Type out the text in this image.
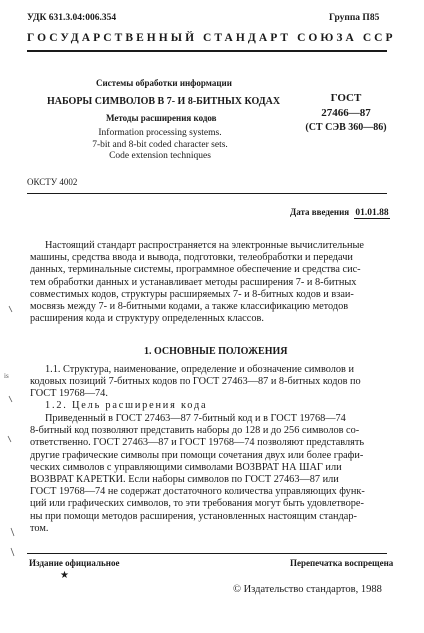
УДК 631.3.04:006.354	Группа П85
ГОСУДАРСТВЕННЫЙ СТАНДАРТ СОЮЗА ССР
Системы обработки информации
НАБОРЫ СИМВОЛОВ В 7- И 8-БИТНЫХ КОДАХ
Методы расширения кодов
Information processing systems.
7-bit and 8-bit coded character sets.
Code extension techniques
ГОСТ
27466—87
(СТ СЭВ 360—86)
ОКСТУ 4002
Дата введения 01.01.88
Настоящий стандарт распространяется на электронные вычислительные
машины, средства ввода и вывода, подготовки, телеобработки и передачи
данных, терминальные системы, программное обеспечение и средства сис-
тем обработки данных и устанавливает методы расширения 7- и 8-битных
совместимых кодов, структуры расширяемых 7- и 8-битных кодов и взаи-
мосвязь между 7- и 8-битными кодами, а также классификацию методов
расширения кода и структуру определенных классов.
1. ОСНОВНЫЕ ПОЛОЖЕНИЯ
1.1. Структура, наименование, определение и обозначение символов и
кодовых позиций 7-битных кодов по ГОСТ 27463—87 и 8-битных кодов по
ГОСТ 19768—74.
1.2. Цель расширения кода
Приведенный в ГОСТ 27463—87 7-битный код и в ГОСТ 19768—74
8-битный код позволяют представить наборы до 128 и до 256 символов со-
ответственно. ГОСТ 27463—87 и ГОСТ 19768—74 позволяют представлять
другие графические символы при помощи сочетания двух или более графи-
ческих символов с управляющими символами ВОЗВРАТ НА ШАГ или
ВОЗВРАТ КАРЕТКИ. Если наборы символов по ГОСТ 27463—87 или
ГОСТ 19768—74 не содержат достаточного количества управляющих функ-
ций или графических символов, то эти требования могут быть удовлетворе-
ны при помощи методов расширения, установленных настоящим стандар-
том.
is
Издание официальное	Перепечатка воспрещена
★
© Издательство стандартов, 1988
